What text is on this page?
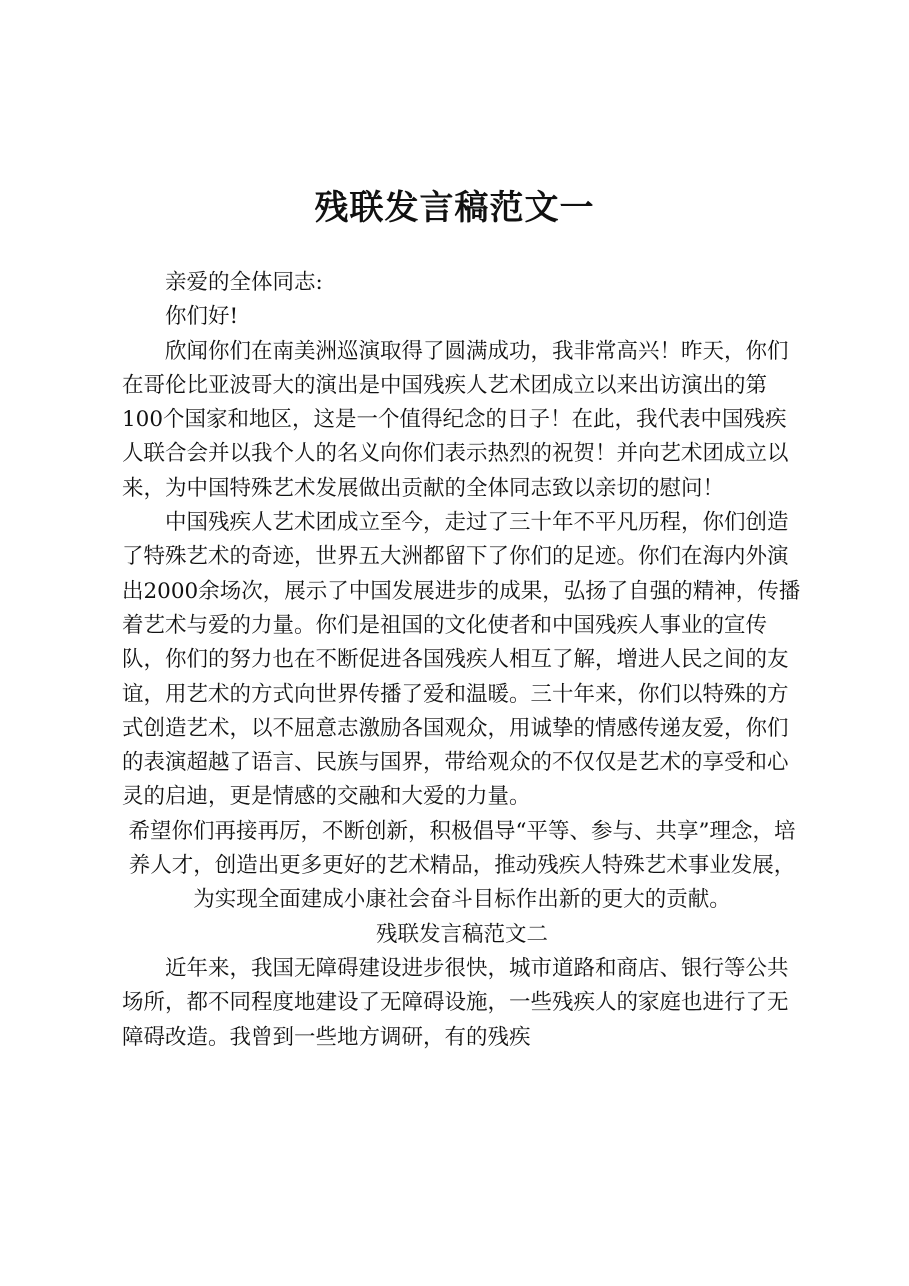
残联发言稿范文一

亲爱的全体同志:

你们好!

欣闻你们在南美洲巡演取得了圆满成功，我非常高兴！昨天，你们在哥伦比亚波哥大的演出是中国残疾人艺术团成立以来出访演出的第100个国家和地区，这是一个值得纪念的日子！在此，我代表中国残疾人联合会并以我个人的名义向你们表示热烈的祝贺！并向艺术团成立以来，为中国特殊艺术发展做出贡献的全体同志致以亲切的慰问！

中国残疾人艺术团成立至今，走过了三十年不平凡历程，你们创造了特殊艺术的奇迹，世界五大洲都留下了你们的足迹。你们在海内外演出2000余场次，展示了中国发展进步的成果，弘扬了自强的精神，传播着艺术与爱的力量。你们是祖国的文化使者和中国残疾人事业的宣传队，你们的努力也在不断促进各国残疾人相互了解，增进人民之间的友谊，用艺术的方式向世界传播了爱和温暖。三十年来，你们以特殊的方式创造艺术，以不屈意志激励各国观众，用诚挚的情感传递友爱，你们的表演超越了语言、民族与国界，带给观众的不仅仅是艺术的享受和心灵的启迪，更是情感的交融和大爱的力量。

希望你们再接再厉，不断创新，积极倡导“平等、参与、共享”理念，培养人才，创造出更多更好的艺术精品，推动残疾人特殊艺术事业发展，为实现全面建成小康社会奋斗目标作出新的更大的贡献。

残联发言稿范文二

近年来，我国无障碍建设进步很快，城市道路和商店、银行等公共场所，都不同程度地建设了无障碍设施，一些残疾人的家庭也进行了无障碍改造。我曾到一些地方调研，有的残疾
